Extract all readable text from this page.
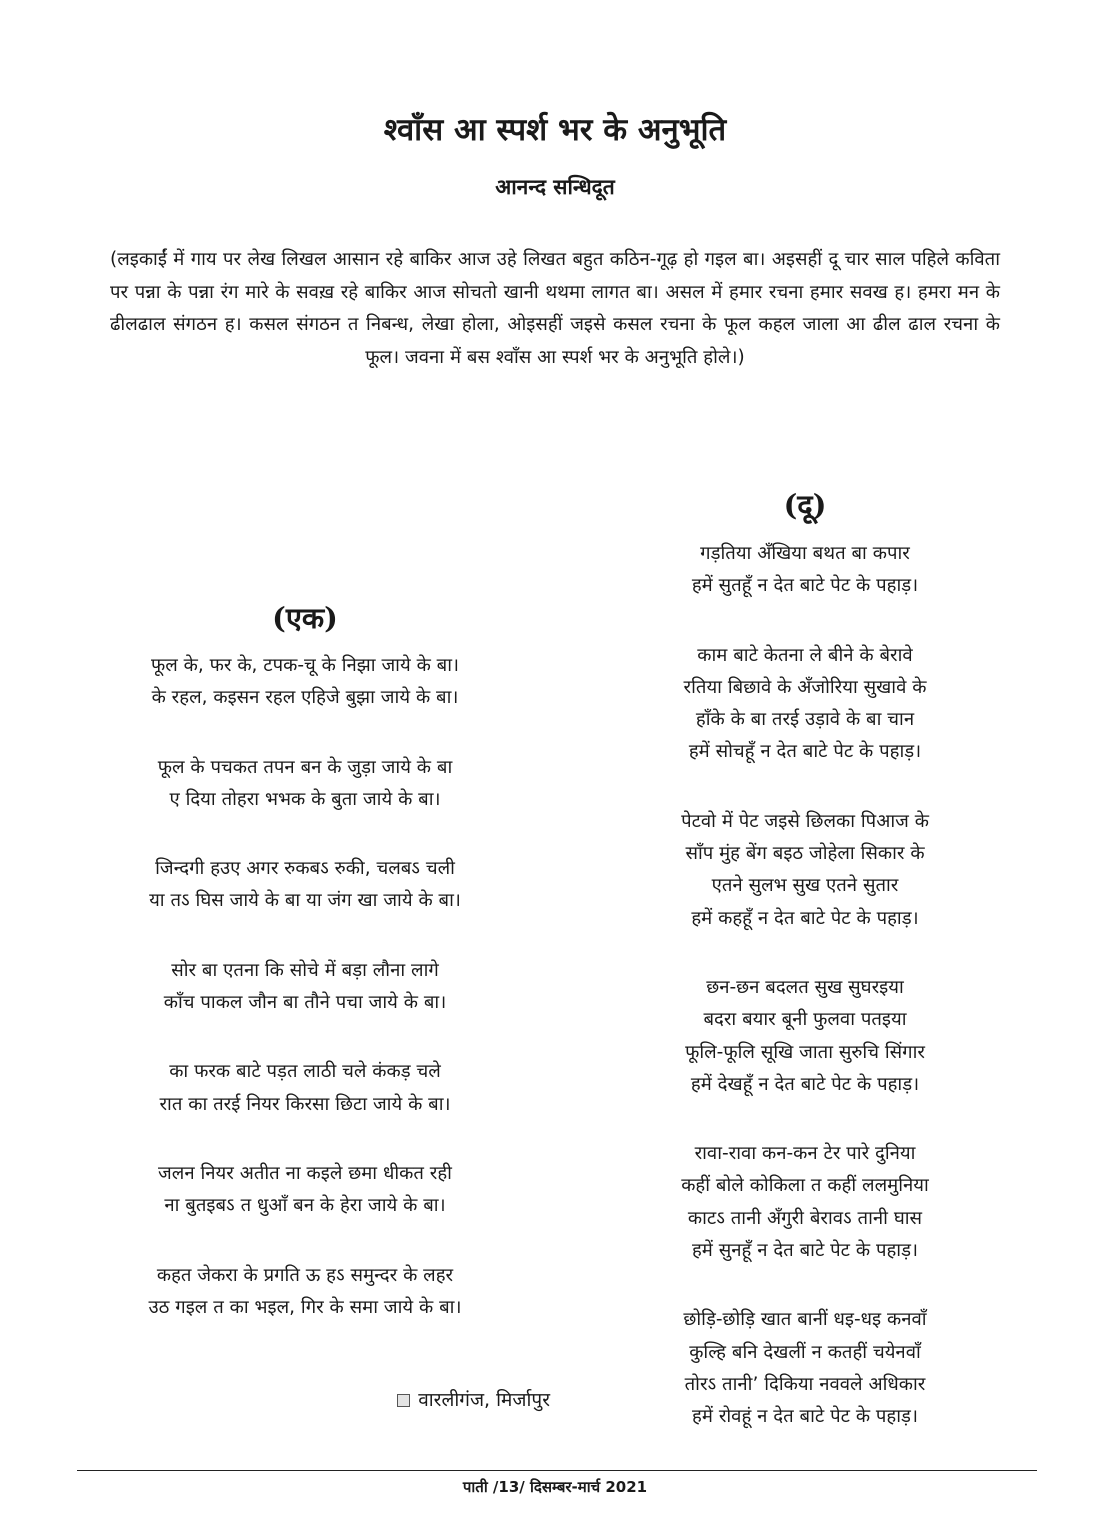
श्वाँस आ स्पर्श भर के अनुभूति
आनन्द सन्धिदूत
(लइकाईं में गाय पर लेख लिखल आसान रहे बाकिर आज उहे लिखत बहुत कठिन-गूढ़ हो गइल बा। अइसहीं दू चार साल पहिले कविता पर पन्ना के पन्ना रंग मारे के सवख़ रहे बाकिर आज सोचतो खानी थथमा लागत बा। असल में हमार रचना हमार सवख ह। हमरा मन के ढीलढाल संगठन ह। कसल संगठन त निबन्ध, लेखा होला, ओइसहीं जइसे कसल रचना के फूल कहल जाला आ ढील ढाल रचना के फूल। जवना में बस श्वाँस आ स्पर्श भर के अनुभूति होले।)
(एक)
फूल के, फर के, टपक-चू के निझा जाये के बा।
के रहल, कइसन रहल एहिजे बुझा जाये के बा।
फूल के पचकत तपन बन के जुड़ा जाये के बा
ए दिया तोहरा भभक के बुता जाये के बा।
जिन्दगी हउए अगर रुकबऽ रुकी, चलबऽ चली
या तऽ घिस जाये के बा या जंग खा जाये के बा।
सोर बा एतना कि सोचे में बड़ा लौना लागे
काँच पाकल जौन बा तौने पचा जाये के बा।
का फरक बाटे पड़त लाठी चले कंकड़ चले
रात का तरई नियर किरसा छिटा जाये के बा।
जलन नियर अतीत ना कइले छमा धीकत रही
ना बुतइबऽ त धुआँ बन के हेरा जाये के बा।
कहत जेकरा के प्रगति ऊ हऽ समुन्दर के लहर
उठ गइल त का भइल, गिर के समा जाये के बा।
वारलीगंज, मिर्जापुर
(दू)
गड़तिया अँखिया बथत बा कपार
हमें सुतहूँ न देत बाटे पेट के पहाड़।
काम बाटे केतना ले बीने के बेरावे
रतिया बिछावे के अँजोरिया सुखावे के
हाँके के बा तरई उड़ावे के बा चान
हमें सोचहूँ न देत बाटे पेट के पहाड़।
पेटवो में पेट जइसे छिलका पिआज के
साँप मुंह बेंग बइठ जोहेला सिकार के
एतने सुलभ सुख एतने सुतार
हमें कहहूँ न देत बाटे पेट के पहाड़।
छन-छन बदलत सुख सुघरइया
बदरा बयार बूनी फुलवा पतइया
फूलि-फूलि सूखि जाता सुरुचि सिंगार
हमें देखहूँ न देत बाटे पेट के पहाड़।
रावा-रावा कन-कन टेर पारे दुनिया
कहीं बोले कोकिला त कहीं ललमुनिया
काटऽ तानी अँगुरी बेरावऽ तानी घास
हमें सुनहूँ न देत बाटे पेट के पहाड़।
छोड़ि-छोड़ि खात बानीं धइ-धइ कनवाँ
कुल्हि बनि देखलीं न कतहीं चयेनवाँ
तोरऽ तानी’ दिकिया नववले अधिकार
हमें रोवहूं न देत बाटे पेट के पहाड़।
पाती /13/ दिसम्बर-मार्च 2021
